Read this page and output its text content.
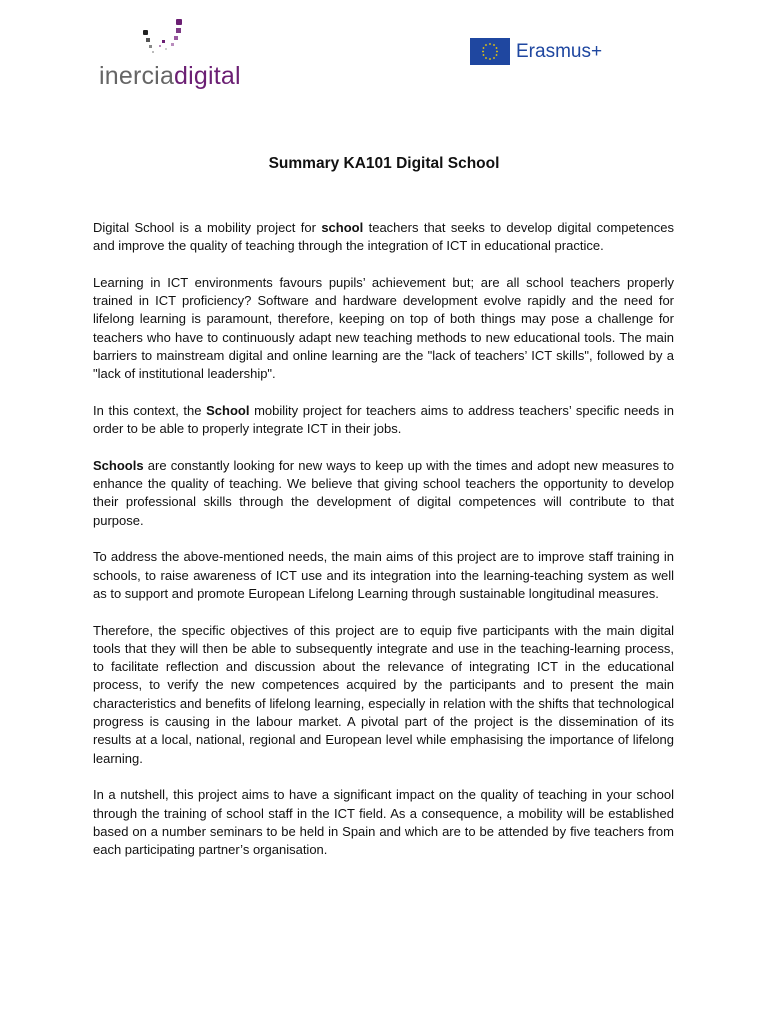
inerciadigital
Erasmus+
Summary KA101 Digital School

Digital School is a mobility project for school teachers that seeks to develop digital competences and improve the quality of teaching through the integration of ICT in educational practice.

Learning in ICT environments favours pupils’ achievement but; are all school teachers properly trained in ICT proficiency? Software and hardware development evolve rapidly and the need for lifelong learning is paramount, therefore, keeping on top of both things may pose a challenge for teachers who have to continuously adapt new teaching methods to new educational tools. The main barriers to mainstream digital and online learning are the "lack of teachers’ ICT skills", followed by a "lack of institutional leadership".

In this context, the School mobility project for teachers aims to address teachers’ specific needs in order to be able to properly integrate ICT in their jobs.

Schools are constantly looking for new ways to keep up with the times and adopt new measures to enhance the quality of teaching. We believe that giving school teachers the opportunity to develop their professional skills through the development of digital competences will contribute to that purpose.

To address the above-mentioned needs, the main aims of this project are to improve staff training in schools, to raise awareness of ICT use and its integration into the learning-teaching system as well as to support and promote European Lifelong Learning through sustainable longitudinal measures.

Therefore, the specific objectives of this project are to equip five participants with the main digital tools that they will then be able to subsequently integrate and use in the teaching-learning process, to facilitate reflection and discussion about the relevance of integrating ICT in the educational process, to verify the new competences acquired by the participants and to present the main characteristics and benefits of lifelong learning, especially in relation with the shifts that technological progress is causing in the labour market. A pivotal part of the project is the dissemination of its results at a local, national, regional and European level while emphasising the importance of lifelong learning.

In a nutshell, this project aims to have a significant impact on the quality of teaching in your school through the training of school staff in the ICT field. As a consequence, a mobility will be established based on a number seminars to be held in Spain and which are to be attended by five teachers from each participating partner’s organisation.
